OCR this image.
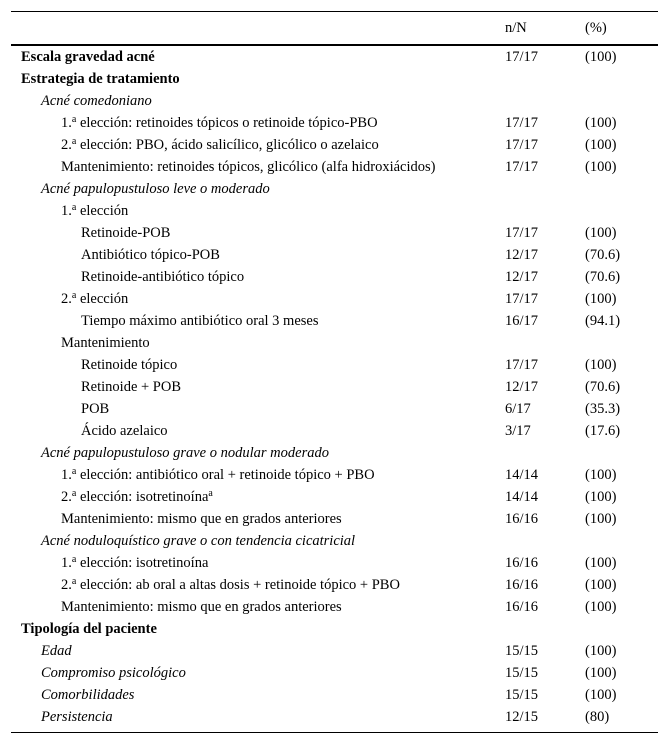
	n/N	(%)
Escala gravedad acné	17/17	(100)
Estrategia de tratamiento		
Acné comedoniano		
1.$^a$ elección: retinoides tópicos o retinoide tópico-PBO	17/17	(100)
2.$^a$ elección: PBO, ácido salicílico, glicólico o azelaico	17/17	(100)
Mantenimiento: retinoides tópicos, glicólico (alfa hidroxiácidos)	17/17	(100)
Acné papulopustuloso leve o moderado		
1.$^a$ elección		
Retinoide-POB	17/17	(100)
Antibiótico tópico-POB	12/17	(70.6)
Retinoide-antibiótico tópico	12/17	(70.6)
2.$^a$ elección	17/17	(100)
Tiempo máximo antibiótico oral 3 meses	16/17	(94.1)
Mantenimiento		
Retinoide tópico	17/17	(100)
Retinoide + POB	12/17	(70.6)
POB	6/17	(35.3)
Ácido azelaico	3/17	(17.6)
Acné papulopustuloso grave o nodular moderado		
1.$^a$ elección: antibiótico oral + retinoide tópico + PBO	14/14	(100)
2.$^a$ elección: isotretinoína$^a$	14/14	(100)
Mantenimiento: mismo que en grados anteriores	16/16	(100)
Acné noduloquístico grave o con tendencia cicatricial		
1.$^a$ elección: isotretinoína	16/16	(100)
2.$^a$ elección: ab oral a altas dosis + retinoide tópico + PBO	16/16	(100)
Mantenimiento: mismo que en grados anteriores	16/16	(100)
Tipología del paciente		
Edad	15/15	(100)
Compromiso psicológico	15/15	(100)
Comorbilidades	15/15	(100)
Persistencia	12/15	(80)
